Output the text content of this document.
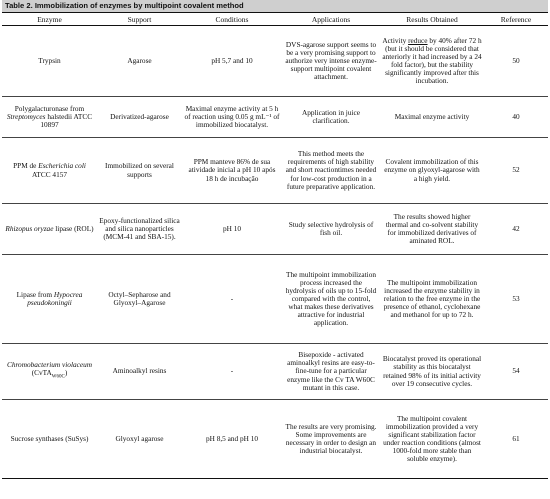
Table 2. Immobilization of enzymes by multipoint covalent method
Enzyme	Support	Conditions	Applications	Results Obtained	Reference
Trypsin	Agarose	pH 5,7 and 10	DVS-agarose support seems to be a very promising support to authorize very intense enzyme-support multipoint covalent attachment.	Activity reduce by 40% after 72 h (but it should be considered that anteriorly it had increased by a 24 fold factor), but the stability significantly improved after this incubation.	50
Polygalacturonase from Streptomyces halstedii ATCC 10897	Derivatized-agarose	Maximal enzyme activity at 5 h of reaction using 0.05 g mL⁻¹ of immobilized biocatalyst.	Application in juice clarification.	Maximal enzyme activity	40
PPM de Escherichia coli ATCC 4157	Immobilized on several supports	PPM manteve 86% de sua atividade inicial a pH 10 após 18 h de incubação	This method meets the requirements of high stability and short reactiontimes needed for low-cost production in a future preparative application.	Covalent immobilization of this enzyme on glyoxyl-agarose with a high yield.	52
Rhizopus oryzae lipase (ROL)	Epoxy-functionalized silica and silica nanoparticles (MCM-41 and SBA-15).	pH 10	Study selective hydrolysis of fish oil.	The results showed higher thermal and co-solvent stability for immobilized derivatives of aminated ROL.	42
Lipase from Hypocrea pseudokoningii	Octyl–Sepharose and Glyoxyl–Agarose	-	The multipoint immobilization process increased the hydrolysis of oils up to 15-fold compared with the control, what makes these derivatives attractive for industrial application.	The multipoint immobilization increased the enzyme stability in relation to the free enzyme in the presence of ethanol, cyclohexane and methanol for up to 72 h.	53
Chromobacterium violaceum (CvTA$_{W60C}$)	Aminoalkyl resins	-	Bisepoxide - activated aminoalkyl resins are easy-to-fine-tune for a particular enzyme like the Cv TA W60C mutant in this case.	Biocatalyst proved its operational stability as this biocatalyst retained 98% of its initial activity over 19 consecutive cycles.	54
Sucrose synthases (SuSys)	Glyoxyl agarose	pH 8,5 and pH 10	The results are very promising. Some improvements are necessary in order to design an industrial biocatalyst.	The multipoint covalent immobilization provided a very significant stabilization factor under reaction conditions (almost 1000-fold more stable than soluble enzyme).	61
